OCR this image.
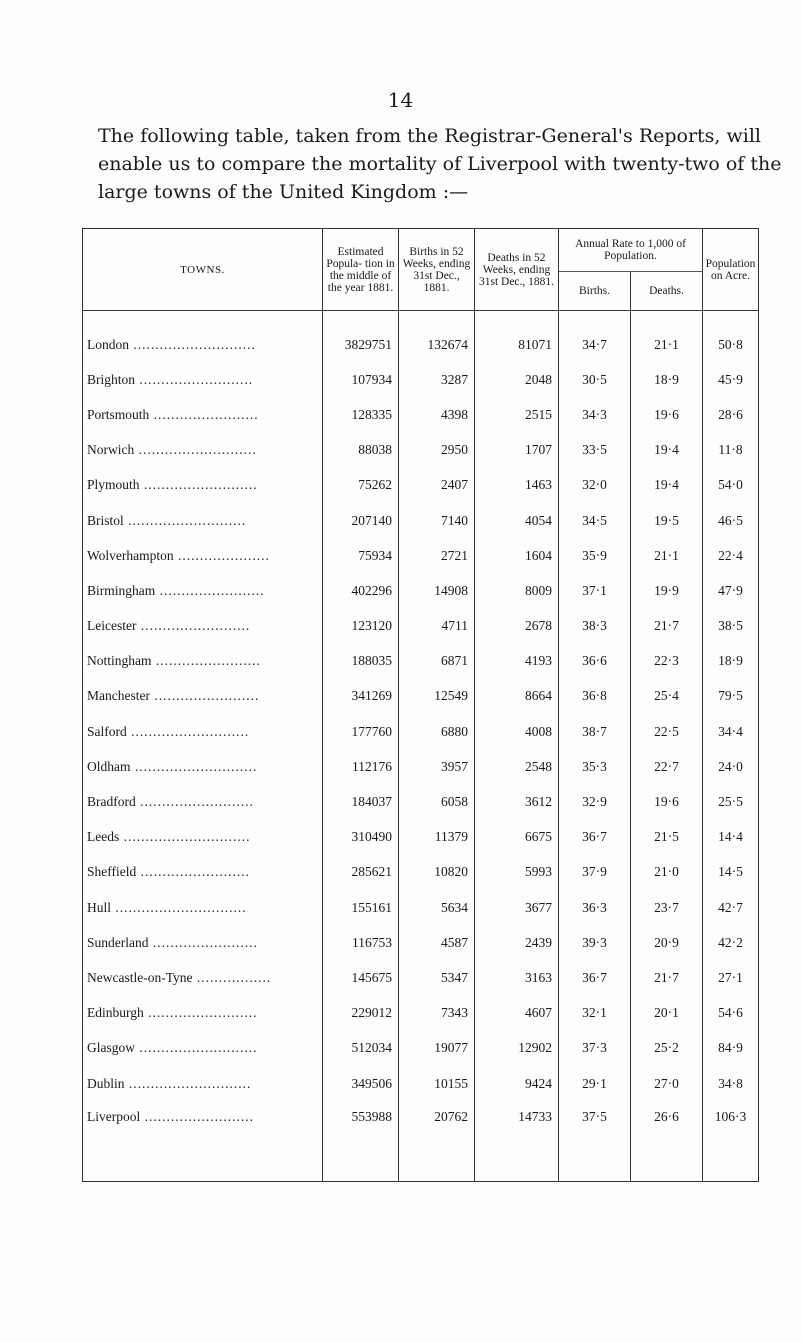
14

The following table, taken from the Registrar-General's Reports, will enable us to compare the mortality of Liverpool with twenty-two of the large towns of the United Kingdom :—

TOWNS.	Estimated Popula- tion in the middle of the year 1881.	Births in 52 Weeks, ending 31st Dec., 1881.	Deaths in 52 Weeks, ending 31st Dec., 1881.	Annual Rate to 1,000 of Population.		Population on Acre.
				Births.	Deaths.	
London ............................	3829751	132674	81071	34·7	21·1	50·8
Brighton ..........................	107934	3287	2048	30·5	18·9	45·9
Portsmouth ........................	128335	4398	2515	34·3	19·6	28·6
Norwich ...........................	88038	2950	1707	33·5	19·4	11·8
Plymouth ..........................	75262	2407	1463	32·0	19·4	54·0
Bristol ...........................	207140	7140	4054	34·5	19·5	46·5
Wolverhampton .....................	75934	2721	1604	35·9	21·1	22·4
Birmingham ........................	402296	14908	8009	37·1	19·9	47·9
Leicester .........................	123120	4711	2678	38·3	21·7	38·5
Nottingham ........................	188035	6871	4193	36·6	22·3	18·9
Manchester ........................	341269	12549	8664	36·8	25·4	79·5
Salford ...........................	177760	6880	4008	38·7	22·5	34·4
Oldham ............................	112176	3957	2548	35·3	22·7	24·0
Bradford ..........................	184037	6058	3612	32·9	19·6	25·5
Leeds .............................	310490	11379	6675	36·7	21·5	14·4
Sheffield .........................	285621	10820	5993	37·9	21·0	14·5
Hull ..............................	155161	5634	3677	36·3	23·7	42·7
Sunderland ........................	116753	4587	2439	39·3	20·9	42·2
Newcastle-on-Tyne .................	145675	5347	3163	36·7	21·7	27·1
Edinburgh .........................	229012	7343	4607	32·1	20·1	54·6
Glasgow ...........................	512034	19077	12902	37·3	25·2	84·9
Dublin ............................	349506	10155	9424	29·1	27·0	34·8
Liverpool .........................	553988	20762	14733	37·5	26·6	106·3
